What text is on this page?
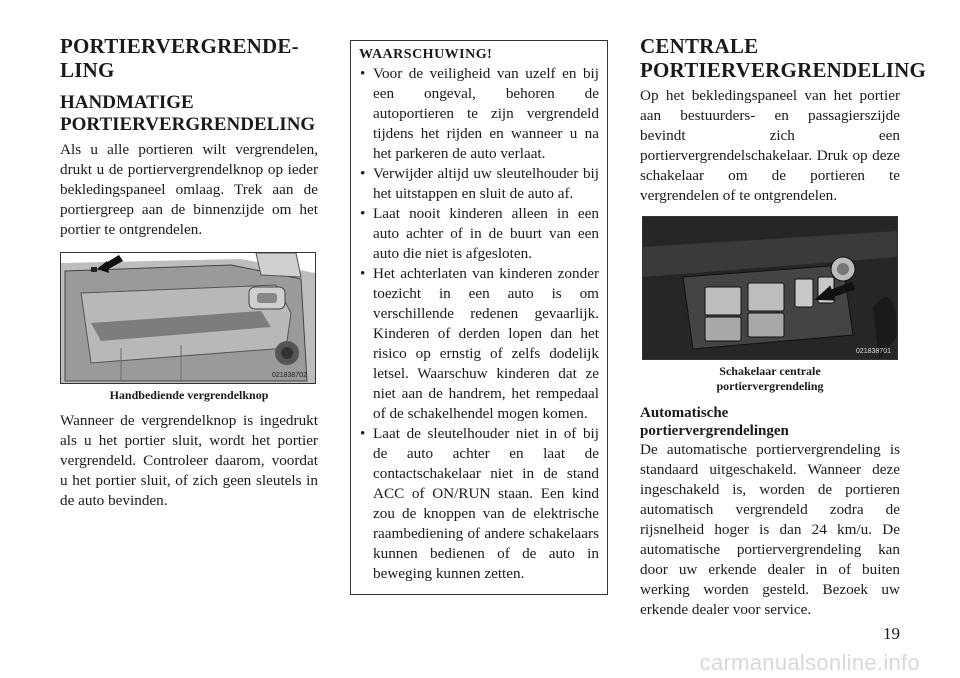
PORTIERVERGRENDE-LING
HANDMATIGE PORTIERVERGRENDELING

Als u alle portieren wilt vergrendelen, drukt u de portiervergrendelknop op ieder bekledingspaneel omlaag. Trek aan de portiergreep aan de binnenzijde om het portier te ontgrendelen.

021838702
Handbediende vergrendelknop

Wanneer de vergrendelknop is ingedrukt als u het portier sluit, wordt het portier vergrendeld. Controleer daarom, voordat u het portier sluit, of zich geen sleutels in de auto bevinden.

WAARSCHUWING!
• Voor de veiligheid van uzelf en bij een ongeval, behoren de autoportieren te zijn vergrendeld tijdens het rijden en wanneer u na het parkeren de auto verlaat.
• Verwijder altijd uw sleutelhouder bij het uitstappen en sluit de auto af.
• Laat nooit kinderen alleen in een auto achter of in de buurt van een auto die niet is afgesloten.
• Het achterlaten van kinderen zonder toezicht in een auto is om verschillende redenen gevaarlijk. Kinderen of derden lopen dan het risico op ernstig of zelfs dodelijk letsel. Waarschuw kinderen dat ze niet aan de handrem, het rempedaal of de schakelhendel mogen komen.
• Laat de sleutelhouder niet in of bij de auto achter en laat de contactschakelaar niet in de stand ACC of ON/RUN staan. Een kind zou de knoppen van de elektrische raambediening of andere schakelaars kunnen bedienen of de auto in beweging kunnen zetten.
CENTRALE PORTIERVERGRENDELING

Op het bekledingspaneel van het portier aan bestuurders- en passagierszijde bevindt zich een portiervergrendelschakelaar. Druk op deze schakelaar om de portieren te vergrendelen of te ontgrendelen.

021838701
Schakelaar centrale portiervergrendeling
Automatische portiervergrendelingen

De automatische portiervergrendeling is standaard uitgeschakeld. Wanneer deze ingeschakeld is, worden de portieren automatisch vergrendeld zodra de rijsnelheid hoger is dan 24 km/u. De automatische portiervergrendeling kan door uw erkende dealer in of buiten werking worden gesteld. Bezoek uw erkende dealer voor service.

19
carmanualsonline.info
